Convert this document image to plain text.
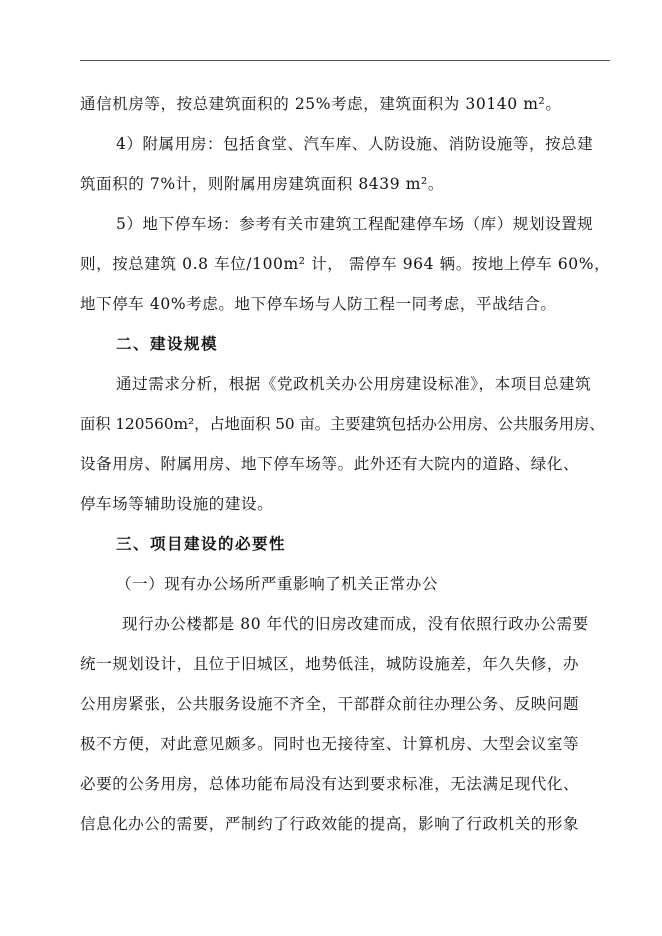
通信机房等，按总建筑面积的 25%考虑，建筑面积为 30140 m²。
4）附属用房：包括食堂、汽车库、人防设施、消防设施等，按总建
筑面积的 7%计，则附属用房建筑面积 8439 m²。
5）地下停车场：参考有关市建筑工程配建停车场（库）规划设置规
则，按总建筑 0.8 车位/100m² 计， 需停车 964 辆。按地上停车 60%，
地下停车 40%考虑。地下停车场与人防工程一同考虑，平战结合。
二、建设规模
通过需求分析，根据《党政机关办公用房建设标准》，本项目总建筑
面积 120560m²，占地面积 50 亩。主要建筑包括办公用房、公共服务用房、
设备用房、附属用房、地下停车场等。此外还有大院内的道路、绿化、
停车场等辅助设施的建设。
三、项目建设的必要性
（一）现有办公场所严重影响了机关正常办公
现行办公楼都是 80 年代的旧房改建而成，没有依照行政办公需要
统一规划设计，且位于旧城区，地势低洼，城防设施差，年久失修，办
公用房紧张，公共服务设施不齐全，干部群众前往办理公务、反映问题
极不方便，对此意见颇多。同时也无接待室、计算机房、大型会议室等
必要的公务用房，总体功能布局没有达到要求标准，无法满足现代化、
信息化办公的需要，严制约了行政效能的提高，影响了行政机关的形象
